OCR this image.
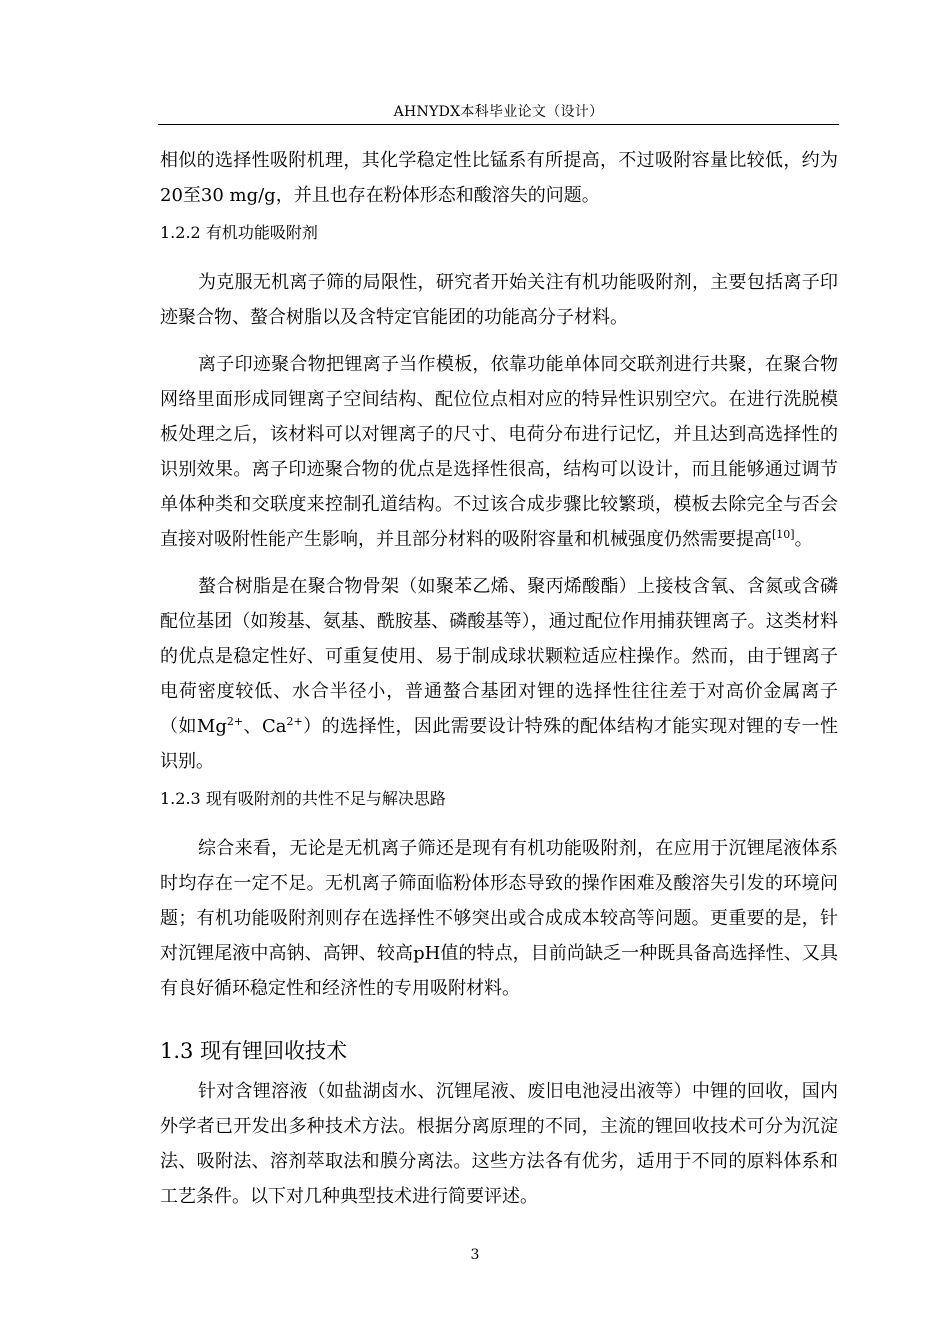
AHNYDX本科毕业论文（设计）

相似的选择性吸附机理，其化学稳定性比锰系有所提高，不过吸附容量比较低，约为20至30 mg/g，并且也存在粉体形态和酸溶失的问题。

1.2.2 有机功能吸附剂

为克服无机离子筛的局限性，研究者开始关注有机功能吸附剂，主要包括离子印迹聚合物、螯合树脂以及含特定官能团的功能高分子材料。

离子印迹聚合物把锂离子当作模板，依靠功能单体同交联剂进行共聚，在聚合物网络里面形成同锂离子空间结构、配位位点相对应的特异性识别空穴。在进行洗脱模板处理之后，该材料可以对锂离子的尺寸、电荷分布进行记忆，并且达到高选择性的识别效果。离子印迹聚合物的优点是选择性很高，结构可以设计，而且能够通过调节单体种类和交联度来控制孔道结构。不过该合成步骤比较繁琐，模板去除完全与否会直接对吸附性能产生影响，并且部分材料的吸附容量和机械强度仍然需要提高[10]。

螯合树脂是在聚合物骨架（如聚苯乙烯、聚丙烯酸酯）上接枝含氧、含氮或含磷配位基团（如羧基、氨基、酰胺基、磷酸基等），通过配位作用捕获锂离子。这类材料的优点是稳定性好、可重复使用、易于制成球状颗粒适应柱操作。然而，由于锂离子电荷密度较低、水合半径小，普通螯合基团对锂的选择性往往差于对高价金属离子（如Mg$^{2+}$、Ca$^{2+}$）的选择性，因此需要设计特殊的配体结构才能实现对锂的专一性识别。

1.2.3 现有吸附剂的共性不足与解决思路

综合来看，无论是无机离子筛还是现有有机功能吸附剂，在应用于沉锂尾液体系时均存在一定不足。无机离子筛面临粉体形态导致的操作困难及酸溶失引发的环境问题；有机功能吸附剂则存在选择性不够突出或合成成本较高等问题。更重要的是，针对沉锂尾液中高钠、高钾、较高pH值的特点，目前尚缺乏一种既具备高选择性、又具有良好循环稳定性和经济性的专用吸附材料。

1.3 现有锂回收技术

针对含锂溶液（如盐湖卤水、沉锂尾液、废旧电池浸出液等）中锂的回收，国内外学者已开发出多种技术方法。根据分离原理的不同，主流的锂回收技术可分为沉淀法、吸附法、溶剂萃取法和膜分离法。这些方法各有优劣，适用于不同的原料体系和工艺条件。以下对几种典型技术进行简要评述。

3
